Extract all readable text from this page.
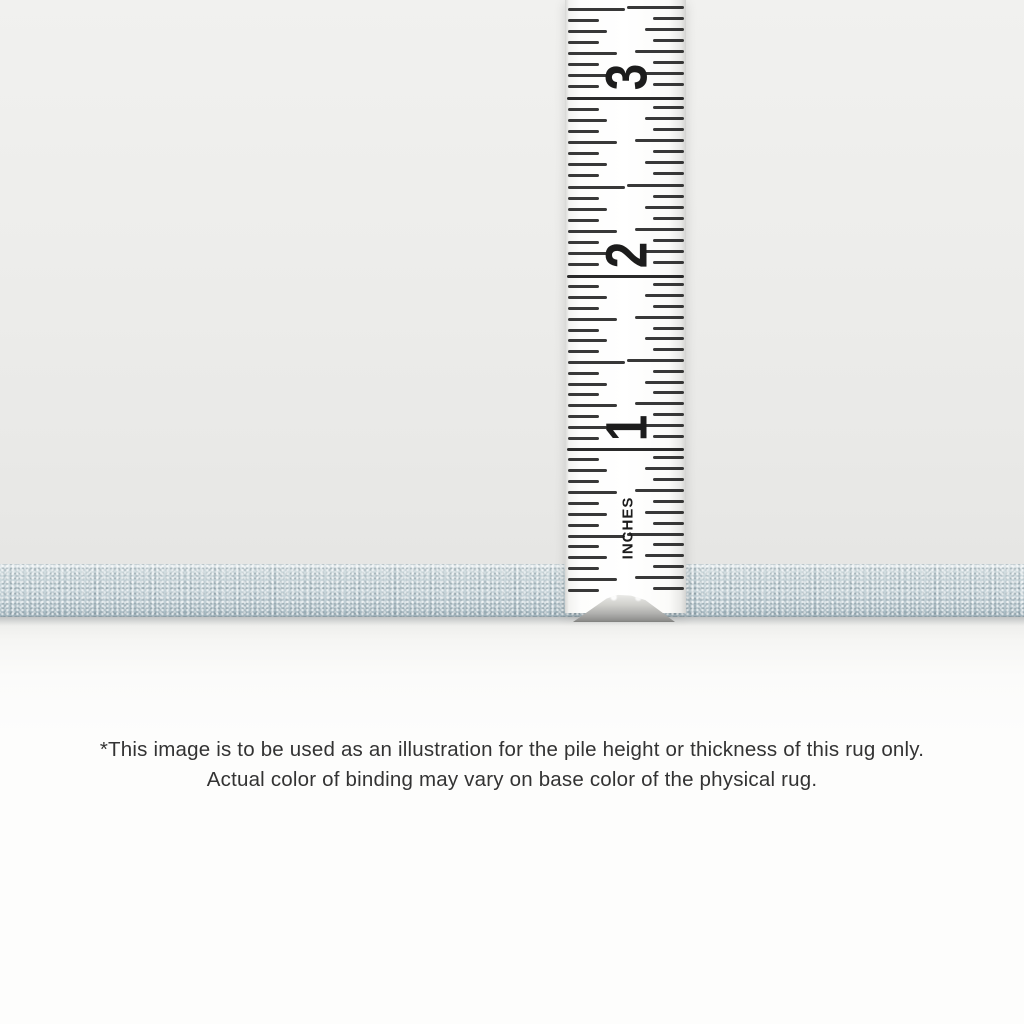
1
2
3
INCHES

*This image is to be used as an illustration for the pile height or thickness of this rug only.

Actual color of binding may vary on base color of the physical rug.
